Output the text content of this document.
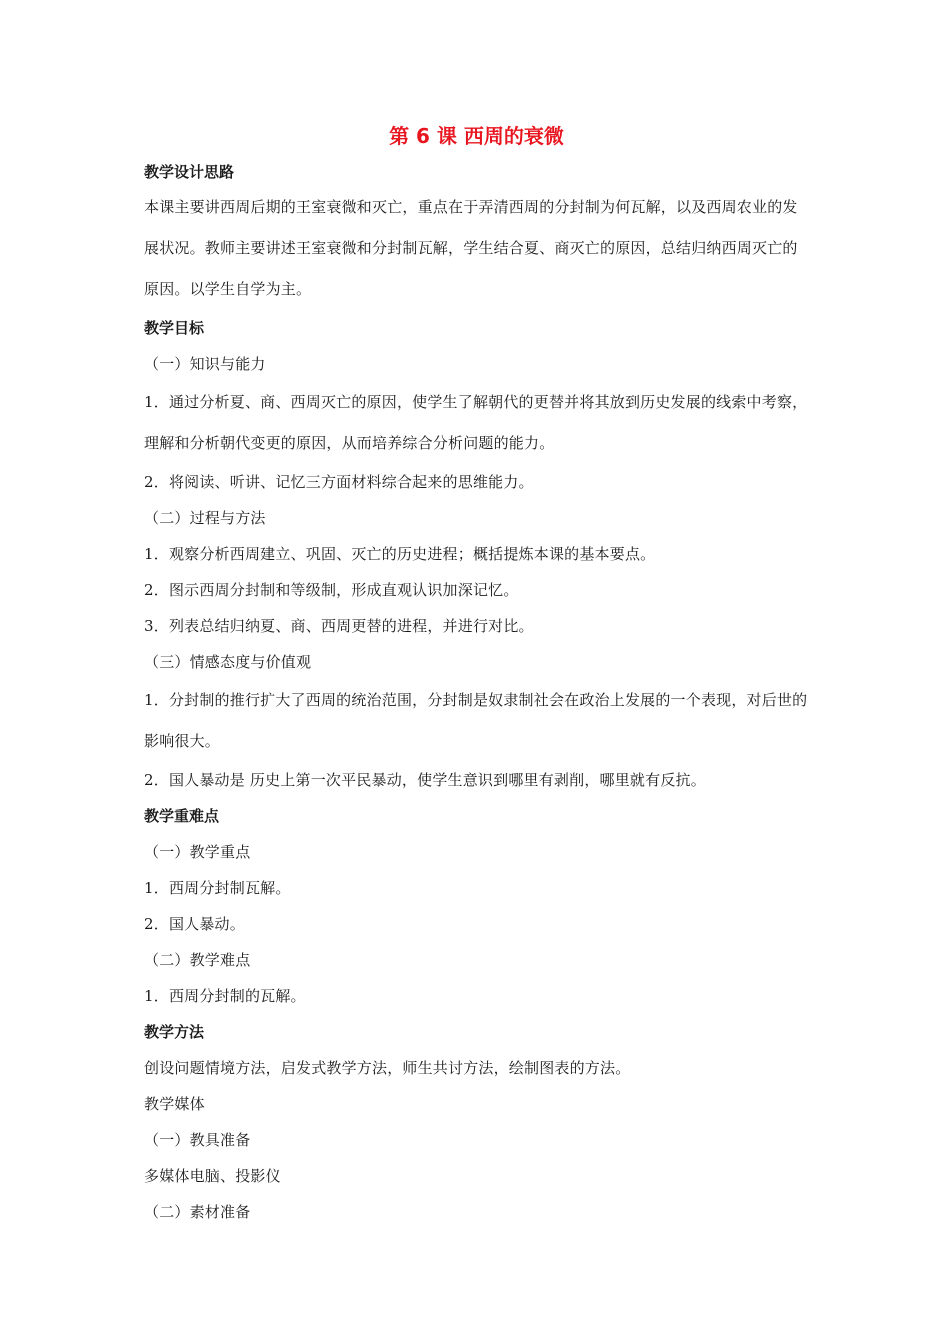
第 6 课 西周的衰微

教学设计思路

本课主要讲西周后期的王室衰微和灭亡，重点在于弄清西周的分封制为何瓦解，以及西周农业的发展状况。教师主要讲述王室衰微和分封制瓦解，学生结合夏、商灭亡的原因，总结归纳西周灭亡的原因。以学生自学为主。

教学目标

（一）知识与能力

1．通过分析夏、商、西周灭亡的原因，使学生了解朝代的更替并将其放到历史发展的线索中考察，理解和分析朝代变更的原因，从而培养综合分析问题的能力。

2．将阅读、听讲、记忆三方面材料综合起来的思维能力。

（二）过程与方法

1．观察分析西周建立、巩固、灭亡的历史进程；概括提炼本课的基本要点。

2．图示西周分封制和等级制，形成直观认识加深记忆。

3．列表总结归纳夏、商、西周更替的进程，并进行对比。

（三）情感态度与价值观

1．分封制的推行扩大了西周的统治范围，分封制是奴隶制社会在政治上发展的一个表现，对后世的影响很大。

2．国人暴动是 历史上第一次平民暴动，使学生意识到哪里有剥削，哪里就有反抗。

教学重难点

（一）教学重点

1．西周分封制瓦解。

2．国人暴动。

（二）教学难点

1．西周分封制的瓦解。

教学方法

创设问题情境方法，启发式教学方法，师生共讨方法，绘制图表的方法。

教学媒体

（一）教具准备

多媒体电脑、投影仪

（二）素材准备
